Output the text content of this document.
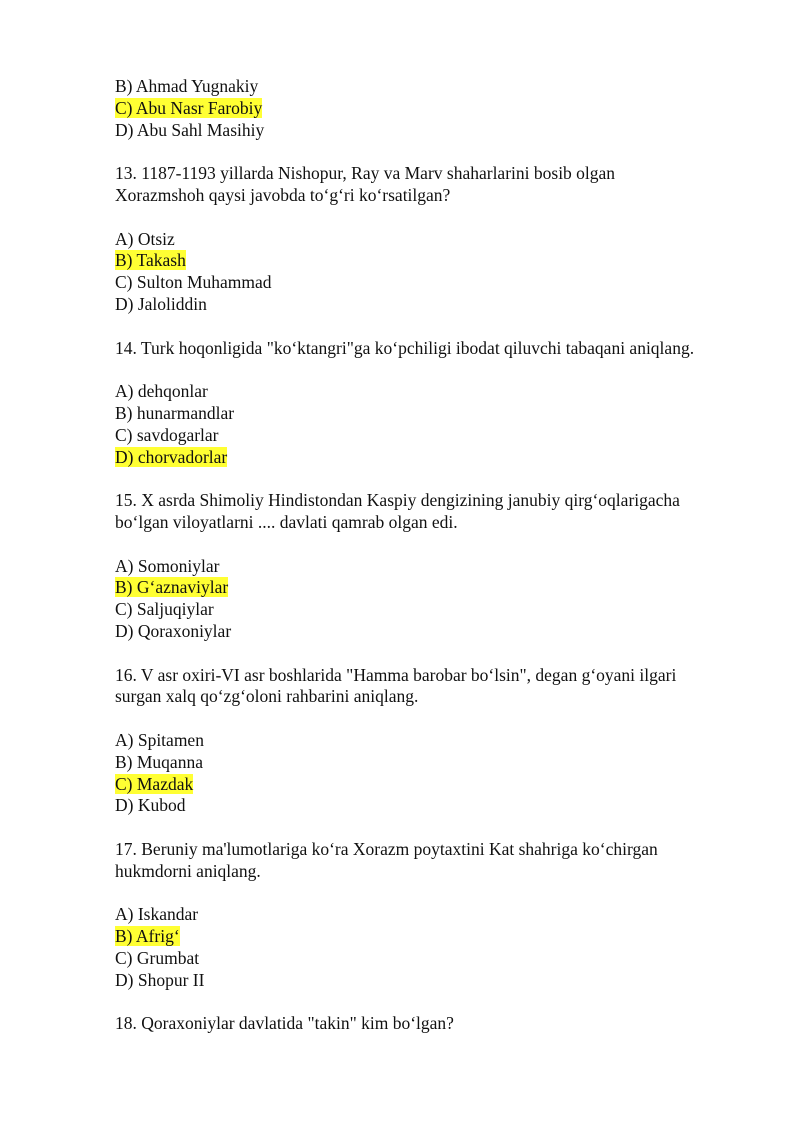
B) Ahmad Yugnakiy
C) Abu Nasr Farobiy
D) Abu Sahl Masihiy
13. 1187-1193 yillarda Nishopur, Ray va Marv shaharlarini bosib olgan
Xorazmshoh qaysi javobda to‘g‘ri ko‘rsatilgan?
A) Otsiz
B) Takash
C) Sulton Muhammad
D) Jaloliddin
14. Turk hoqonligida "ko‘ktangri"ga ko‘pchiligi ibodat qiluvchi tabaqani aniqlang.
A) dehqonlar
B) hunarmandlar
C) savdogarlar
D) chorvadorlar
15. X asrda Shimoliy Hindistondan Kaspiy dengizining janubiy qirg‘oqlarigacha
bo‘lgan viloyatlarni .... davlati qamrab olgan edi.
A) Somoniylar
B) G‘aznaviylar
C) Saljuqiylar
D) Qoraxoniylar
16. V asr oxiri-VI asr boshlarida "Hamma barobar bo‘lsin", degan g‘oyani ilgari
surgan xalq qo‘zg‘oloni rahbarini aniqlang.
A) Spitamen
B) Muqanna
C) Mazdak
D) Kubod
17. Beruniy ma'lumotlariga ko‘ra Xorazm poytaxtini Kat shahriga ko‘chirgan
hukmdorni aniqlang.
A) Iskandar
B) Afrig‘
C) Grumbat
D) Shopur II
18. Qoraxoniylar davlatida "takin" kim bo‘lgan?
